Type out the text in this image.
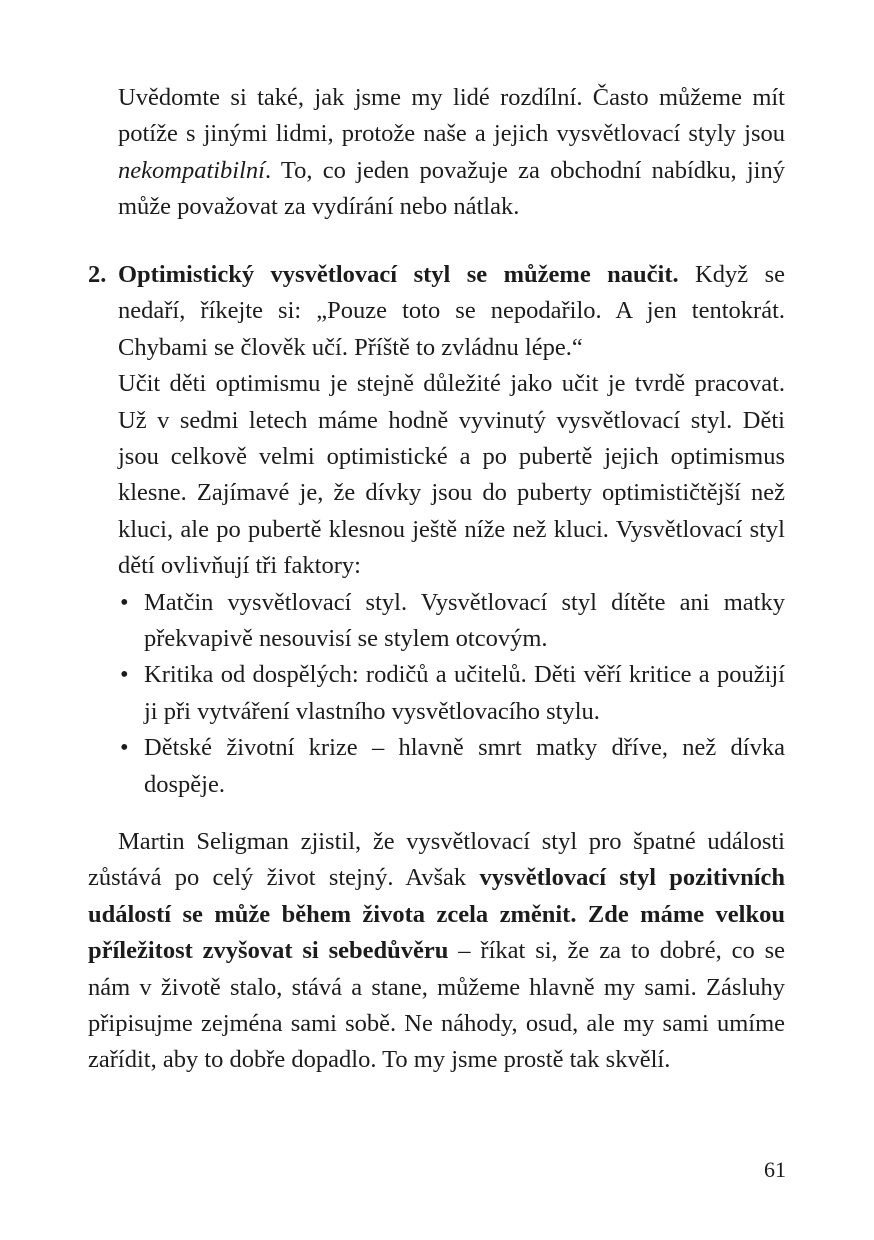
Uvědomte si také, jak jsme my lidé rozdílní. Často můžeme mít potíže s jinými lidmi, protože naše a jejich vysvětlovací styly jsou nekompatibilní. To, co jeden považuje za obchodní nabídku, jiný může považovat za vydírání nebo nátlak.

2. Optimistický vysvětlovací styl se můžeme naučit. Když se nedaří, říkejte si: „Pouze toto se nepodařilo. A jen tentokrát. Chybami se člověk učí. Příště to zvládnu lépe.“

Učit děti optimismu je stejně důležité jako učit je tvrdě pracovat. Už v sedmi letech máme hodně vyvinutý vysvětlovací styl. Děti jsou celkově velmi optimistické a po pubertě jejich optimismus klesne. Zajímavé je, že dívky jsou do puberty optimističtější než kluci, ale po pubertě klesnou ještě níže než kluci. Vysvětlovací styl dětí ovlivňují tři faktory:

• Matčin vysvětlovací styl. Vysvětlovací styl dítěte ani matky překvapivě nesouvisí se stylem otcovým.
• Kritika od dospělých: rodičů a učitelů. Děti věří kritice a použijí ji při vytváření vlastního vysvětlovacího stylu.
• Dětské životní krize – hlavně smrt matky dříve, než dívka dospěje.

Martin Seligman zjistil, že vysvětlovací styl pro špatné události zůstává po celý život stejný. Avšak vysvětlovací styl pozitivních událostí se může během života zcela změnit. Zde máme velkou příležitost zvyšovat si sebedůvěru – říkat si, že za to dobré, co se nám v životě stalo, stává a stane, můžeme hlavně my sami. Zásluhy připisujme zejména sami sobě. Ne náhody, osud, ale my sami umíme zařídit, aby to dobře dopadlo. To my jsme prostě tak skvělí.

61
